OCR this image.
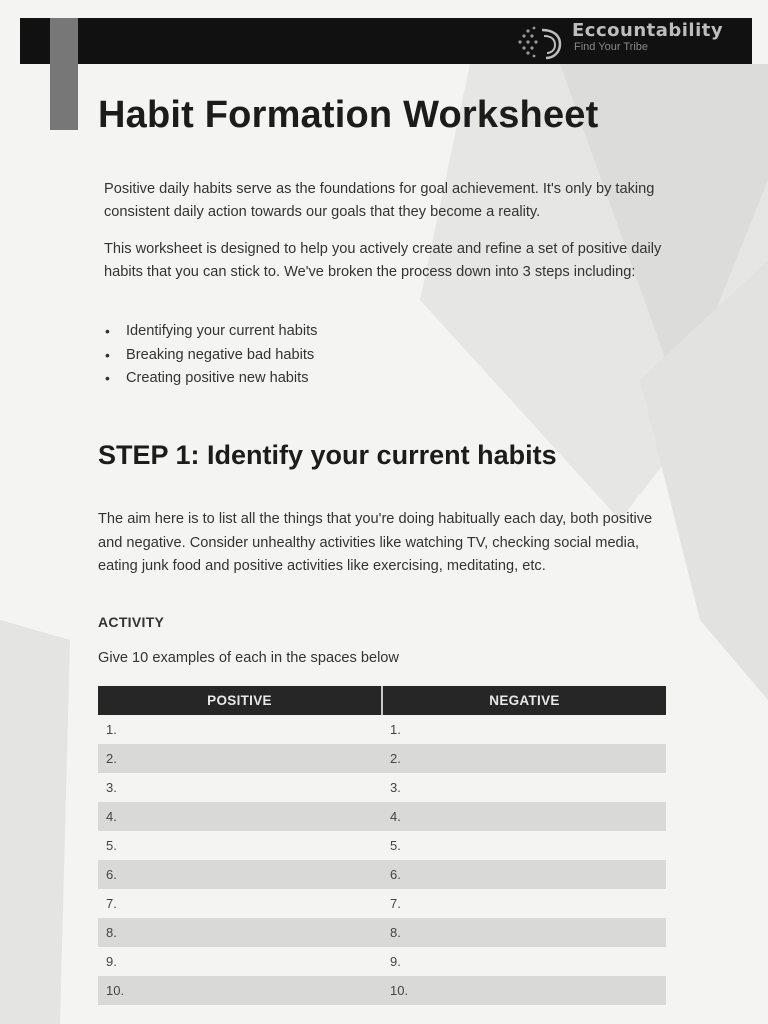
Eccountability
Find Your Tribe
Habit Formation Worksheet

Positive daily habits serve as the foundations for goal achievement. It's only by taking consistent daily action towards our goals that they become a reality.

This worksheet is designed to help you actively create and refine a set of positive daily habits that you can stick to. We've broken the process down into 3 steps including:

• Identifying your current habits
• Breaking negative bad habits
• Creating positive new habits
STEP 1: Identify your current habits

The aim here is to list all the things that you're doing habitually each day, both positive and negative. Consider unhealthy activities like watching TV, checking social media, eating junk food and positive activities like exercising, meditating, etc.

ACTIVITY
Give 10 examples of each in the spaces below
POSITIVE	NEGATIVE
1.	1.
2.	2.
3.	3.
4.	4.
5.	5.
6.	6.
7.	7.
8.	8.
9.	9.
10.	10.
